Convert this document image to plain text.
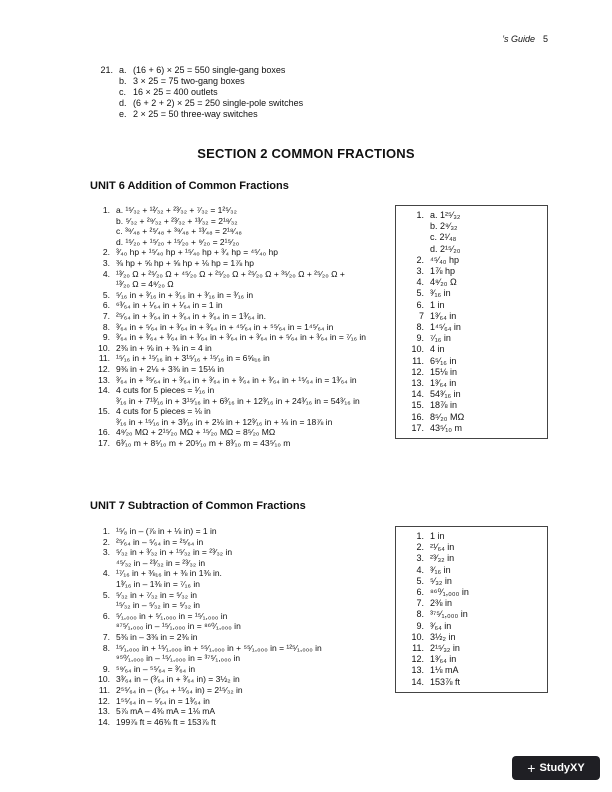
’s Guide 5
21. a. (16 + 6) × 25 = 550 single-gang boxes
b. 3 × 25 = 75 two-gang boxes
c. 16 × 25 = 400 outlets
d. (6 + 2 + 2) × 25 = 250 single-pole switches
e. 2 × 25 = 50 three-way switches
SECTION 2 COMMON FRACTIONS
UNIT 6 Addition of Common Fractions
1. a. ¹⁵⁄₃₂ + ¹²⁄₃₂ + ²³⁄₃₂ + ⁷⁄₃₂ = 1²⁵⁄₃₂
b. ⁵⁄₃₂ + ²⁹⁄₃₂ + ²³⁄₃₂ + ¹³⁄₃₂ = 2¹⁸⁄₃₂
c. ³⁹⁄₄₈ + ²⁵⁄₄₈ + ³⁹⁄₄₈ + ¹³⁄₄₈ = 2¹⁸⁄₄₈
d. ¹⁵⁄₂₀ + ¹⁵⁄₂₀ + ¹⁵⁄₂₀ + ⁹⁄₂₀ = 2¹⁵⁄₂₀
2. ³⁄₄₀ hp + ¹⁵⁄₄₀ hp + ¹⁵⁄₄₀ hp + ³⁄₄ hp = ⁴⁵⁄₄₀ hp
3. ⅜ hp + ⅝ hp + ⅝ hp + ⅛ hp = 1⅞ hp
4. ¹³⁄₂₀ Ω + ²⁵⁄₂₀ Ω + ⁴⁵⁄₂₀ Ω + ²⁵⁄₂₀ Ω + ²⁵⁄₂₀ Ω + ³⁵⁄₂₀ Ω + ²⁵⁄₂₀ Ω +
¹³⁄₂₀ Ω = 4⁸⁄₂₀ Ω
5. ⁵⁄₁₆ in + ³⁄₁₆ in + ³⁄₁₆ in + ³⁄₁₆ in = ³⁄₁₆ in
6. ⁶³⁄₆₄ in + ¹⁄₆₄ in + ¹⁄₆₄ in = 1 in
7. ²⁵⁄₆₄ in + ³⁄₆₄ in + ³⁄₆₄ in + ³⁄₆₄ in = 1³⁄₆₄ in.
8. ³⁄₆₄ in + ⁵⁄₆₄ in + ³⁄₆₄ in + ³⁄₆₄ in + ⁴⁵⁄₆₄ in + ⁵⁵⁄₆₄ in = 1⁴⁵⁄₆₄ in
9. ³⁄₆₄ in + ³⁄₆₄ + ³⁄₆₄ in + ³⁄₆₄ in + ³⁄₆₄ in + ³⁄₆₄ in + ⁵⁄₆₄ in + ³⁄₆₄ in = ⁷⁄₁₆ in
10. 2⅜ in + ⅝ in + ⅜ in = 4 in
11. ¹⁵⁄₁₆ in + ¹⁵⁄₁₆ in + 3¹⁵⁄₁₆ + ¹⁵⁄₁₆ in = 6⅝₁₆ in
12. 9⅜ in + 2⅛ + 3⅜ in = 15⅛ in
13. ³⁄₆₄ in + ³⁵⁄₆₄ in + ³⁄₆₄ in + ³⁄₆₄ in + ³⁄₆₄ in + ³⁄₆₄ in + ¹⁵⁄₆₄ in = 1³⁄₆₄ in
14. 4 cuts for 5 pieces = ¹⁄₁₆ in
³⁄₁₆ in + 7¹³⁄₁₆ in + 3¹⁵⁄₁₆ in + 6³⁄₁₆ in + 12³⁄₁₆ in + 24³⁄₁₆ in = 54³⁄₁₆ in
15. 4 cuts for 5 pieces = ⅛ in
³⁄₁₆ in + ¹⁵⁄₁₆ in + 3³⁄₁₆ in + 2⅛ in + 12³⁄₁₆ in + ⅛ in = 18⅞ in
16. 4⁸⁄₂₀ MΩ + 2¹⁵⁄₂₀ MΩ + ¹⁵⁄₂₀ MΩ = 8⁵⁄₂₀ MΩ
17. 6³⁄₁₀ m + 8⁵⁄₁₀ m + 20⁵⁄₁₀ m + 8³⁄₁₀ m = 43⁵⁄₁₀ m
1. a. 1²⁵⁄₃₂
b. 2⁹⁄₃₂
c. 2¹⁄₄₈
d. 2¹⁵⁄₂₀
2. ⁴⁵⁄₄₀ hp
3. 1⅞ hp
4. 4⁸⁄₂₀ Ω
5. ³⁄₁₆ in
6. 1 in
7 1³⁄₆₄ in
8. 1⁴⁵⁄₆₄ in
9. ⁷⁄₁₆ in
10. 4 in
11. 6⁵⁄₁₆ in
12. 15⅛ in
13. 1³⁄₆₄ in
14. 54³⁄₁₆ in
15. 18⅞ in
16. 8⁵⁄₂₀ MΩ
17. 43⁵⁄₁₀ m
UNIT 7 Subtraction of Common Fractions
1. ¹⁵⁄₈ in – (⅞ in + ⅛ in) = 1 in
2. ²⁵⁄₆₄ in – ⁵⁄₆₄ in = ²⁵⁄₆₄ in
3. ⁵⁄₃₂ in + ³⁄₃₂ in + ¹⁵⁄₃₂ in = ²³⁄₃₂ in
⁴⁵⁄₃₂ in – ²³⁄₃₂ in = ²³⁄₃₂ in
4. ¹⁷⁄₁₆ in + ⅜₁₆ in + ⅜ in 1⅜ in.
1³⁄₁₆ in – 1⅜ in = ⁷⁄₁₆ in
5. ⁵⁄₃₂ in + ⁷⁄₃₂ in = ⁵⁄₃₂ in
¹⁵⁄₃₂ in – ⁵⁄₃₂ in = ⁵⁄₃₂ in
6. ⁵⁄₁,₀₀₀ in + ⁵⁄₁,₀₀₀ in = ¹⁵⁄₁,₀₀₀ in
⁸⁷⁵⁄₁,₀₀₀ in – ¹⁵⁄₁,₀₀₀ in = ⁸⁶⁰⁄₁,₀₀₀ in
7. 5⅜ in – 3⅜ in = 2⅜ in
8. ¹⁵⁄₁,₀₀₀ in + ¹⁵⁄₁,₀₀₀ in + ⁵⁵⁄₁,₀₀₀ in + ⁵⁵⁄₁,₀₀₀ in = ¹²⁵⁄₁,₀₀₀ in
⁹⁵⁰⁄₁,₀₀₀ in – ¹⁵⁄₁,₀₀₀ in = ³⁷⁵⁄₁,₀₀₀ in
9. ⁵⁹⁄₆₄ in – ⁵⁵⁄₆₄ = ³⁄₆₄ in
10. 3³⁄₆₄ in – (³⁄₆₄ in + ³⁄₆₄ in) = 3½₂ in
11. 2⁵⁵⁄₆₄ in – (³⁄₆₄ + ¹⁵⁄₆₄ in) = 2¹⁵⁄₃₂ in
12. 1⁵⁵⁄₆₄ in – ⁵⁄₆₄ in = 1³⁄₆₄ in
13. 5⅞ mA – 4⅜ mA = 1⅛ mA
14. 199⅞ ft = 46⅜ ft = 153⅞ ft
1. 1 in
2. ²¹⁄₆₄ in
3. ²³⁄₃₂ in
4. ³⁄₁₆ in
5. ⁵⁄₃₂ in
6. ⁸⁶⁰⁄₁,₀₀₀ in
7. 2⅜ in
8. ³⁷⁵⁄₁,₀₀₀ in
9. ³⁄₆₄ in
10. 3½₂ in
11. 2¹⁵⁄₃₂ in
12. 1³⁄₆₄ in
13. 1⅛ mA
14. 153⅞ ft
+ StudyXY
